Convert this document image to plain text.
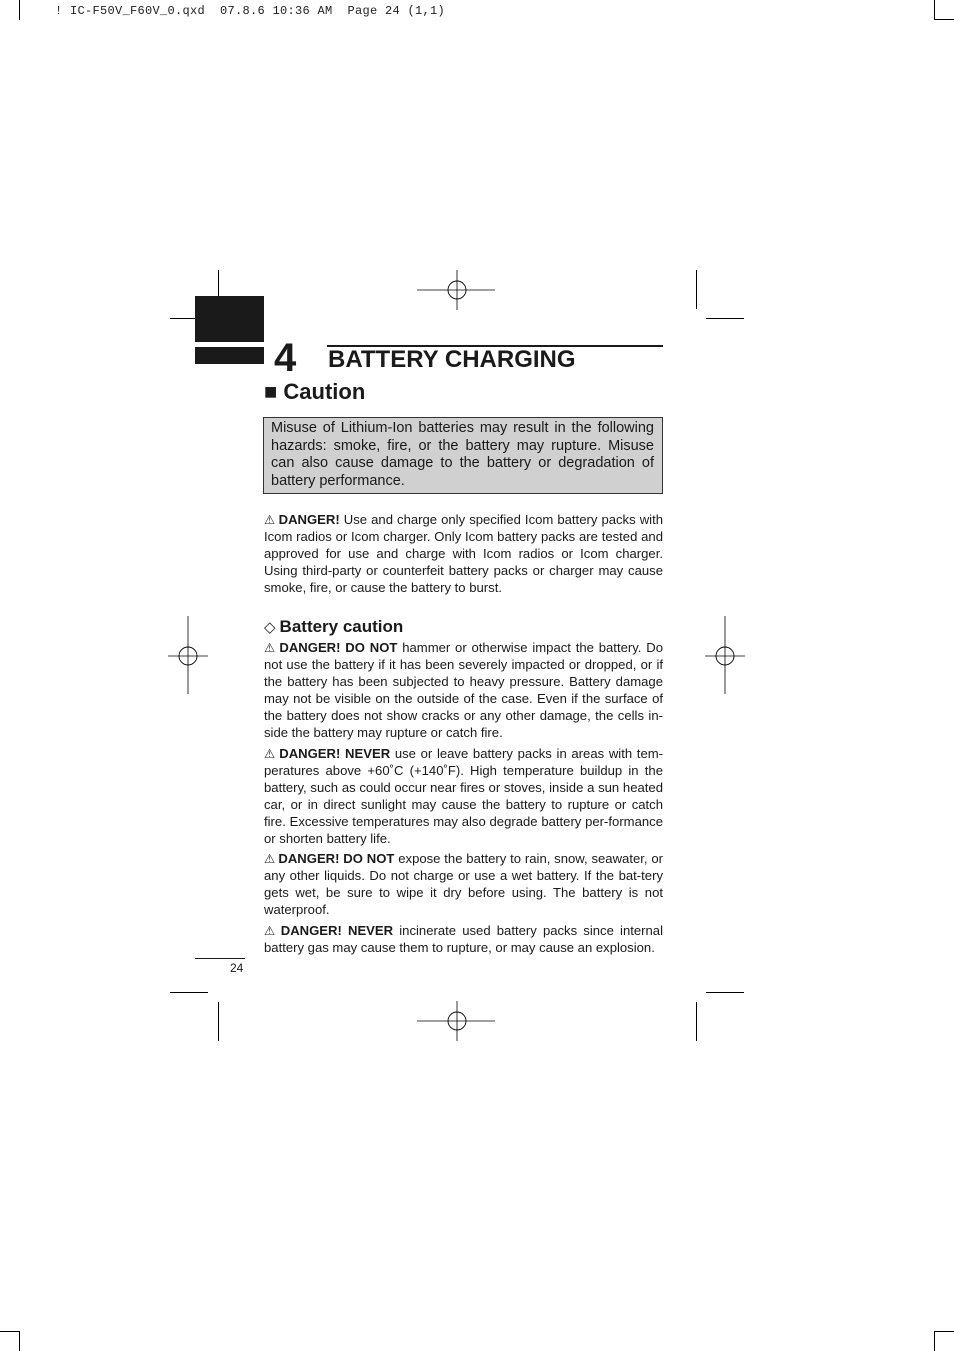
! IC-F50V_F60V_0.qxd  07.8.6 10:36 AM  Page 24 (1,1)
4 BATTERY CHARGING
■ Caution
Misuse of Lithium-Ion batteries may result in the following hazards: smoke, fire, or the battery may rupture. Misuse can also cause damage to the battery or degradation of battery performance.
⚠ DANGER! Use and charge only specified Icom battery packs with Icom radios or Icom charger. Only Icom battery packs are tested and approved for use and charge with Icom radios or Icom charger. Using third-party or counterfeit battery packs or charger may cause smoke, fire, or cause the battery to burst.
◇ Battery caution
⚠ DANGER! DO NOT hammer or otherwise impact the battery. Do not use the battery if it has been severely impacted or dropped, or if the battery has been subjected to heavy pressure. Battery damage may not be visible on the outside of the case. Even if the surface of the battery does not show cracks or any other damage, the cells in-side the battery may rupture or catch fire.
⚠ DANGER! NEVER use or leave battery packs in areas with tem-peratures above +60˚C (+140˚F). High temperature buildup in the battery, such as could occur near fires or stoves, inside a sun heated car, or in direct sunlight may cause the battery to rupture or catch fire. Excessive temperatures may also degrade battery per-formance or shorten battery life.
⚠ DANGER! DO NOT expose the battery to rain, snow, seawater, or any other liquids. Do not charge or use a wet battery. If the bat-tery gets wet, be sure to wipe it dry before using. The battery is not waterproof.
⚠ DANGER! NEVER incinerate used battery packs since internal battery gas may cause them to rupture, or may cause an explosion.
24
